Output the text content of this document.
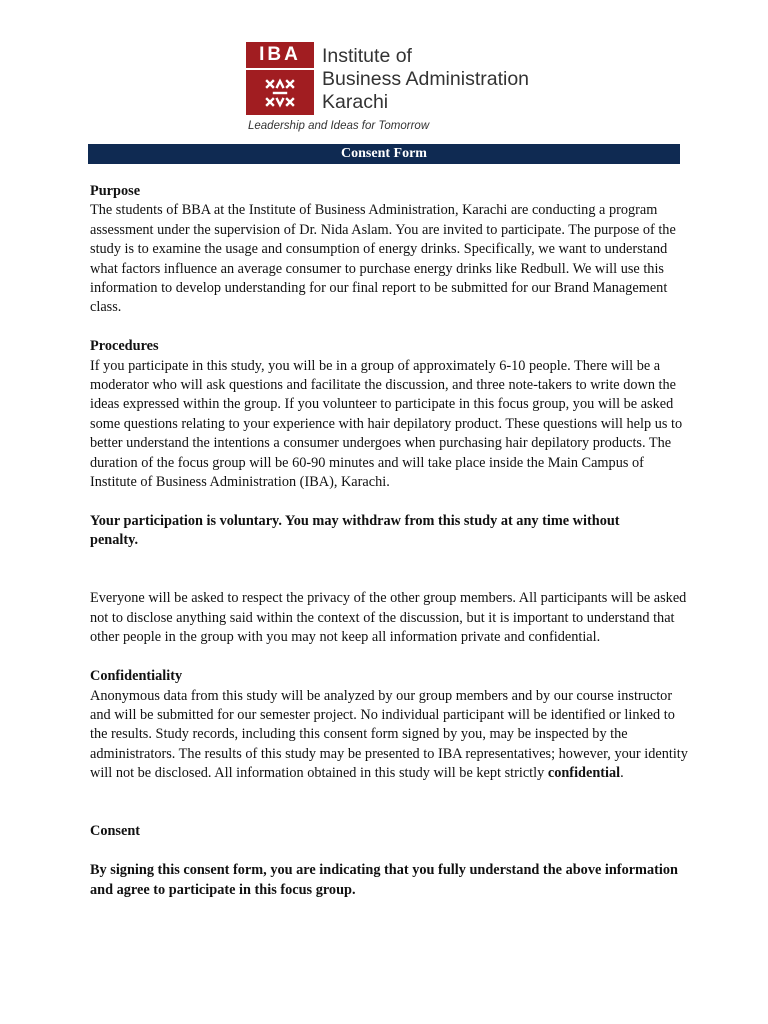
IBA	Institute of
Business Administration
Karachi
Leadership and Ideas for Tomorrow
Consent Form

Purpose

The students of BBA at the Institute of Business Administration, Karachi are conducting a program assessment under the supervision of Dr. Nida Aslam. You are invited to participate. The purpose of the study is to examine the usage and consumption of energy drinks. Specifically, we want to understand what factors influence an average consumer to purchase energy drinks like Redbull. We will use this information to develop understanding for our final report to be submitted for our Brand Management class.

Procedures

If you participate in this study, you will be in a group of approximately 6-10 people. There will be a moderator who will ask questions and facilitate the discussion, and three note-takers to write down the ideas expressed within the group. If you volunteer to participate in this focus group, you will be asked some questions relating to your experience with hair depilatory product. These questions will help us to better understand the intentions a consumer undergoes when purchasing hair depilatory products. The duration of the focus group will be 60-90 minutes and will take place inside the Main Campus of Institute of Business Administration (IBA), Karachi.

Your participation is voluntary. You may withdraw from this study at any time without penalty.

Everyone will be asked to respect the privacy of the other group members. All participants will be asked not to disclose anything said within the context of the discussion, but it is important to understand that other people in the group with you may not keep all information private and confidential.

Confidentiality

Anonymous data from this study will be analyzed by our group members and by our course instructor and will be submitted for our semester project. No individual participant will be identified or linked to the results. Study records, including this consent form signed by you, may be inspected by the administrators. The results of this study may be presented to IBA representatives; however, your identity will not be disclosed. All information obtained in this study will be kept strictly confidential.

Consent

By signing this consent form, you are indicating that you fully understand the above information and agree to participate in this focus group.
